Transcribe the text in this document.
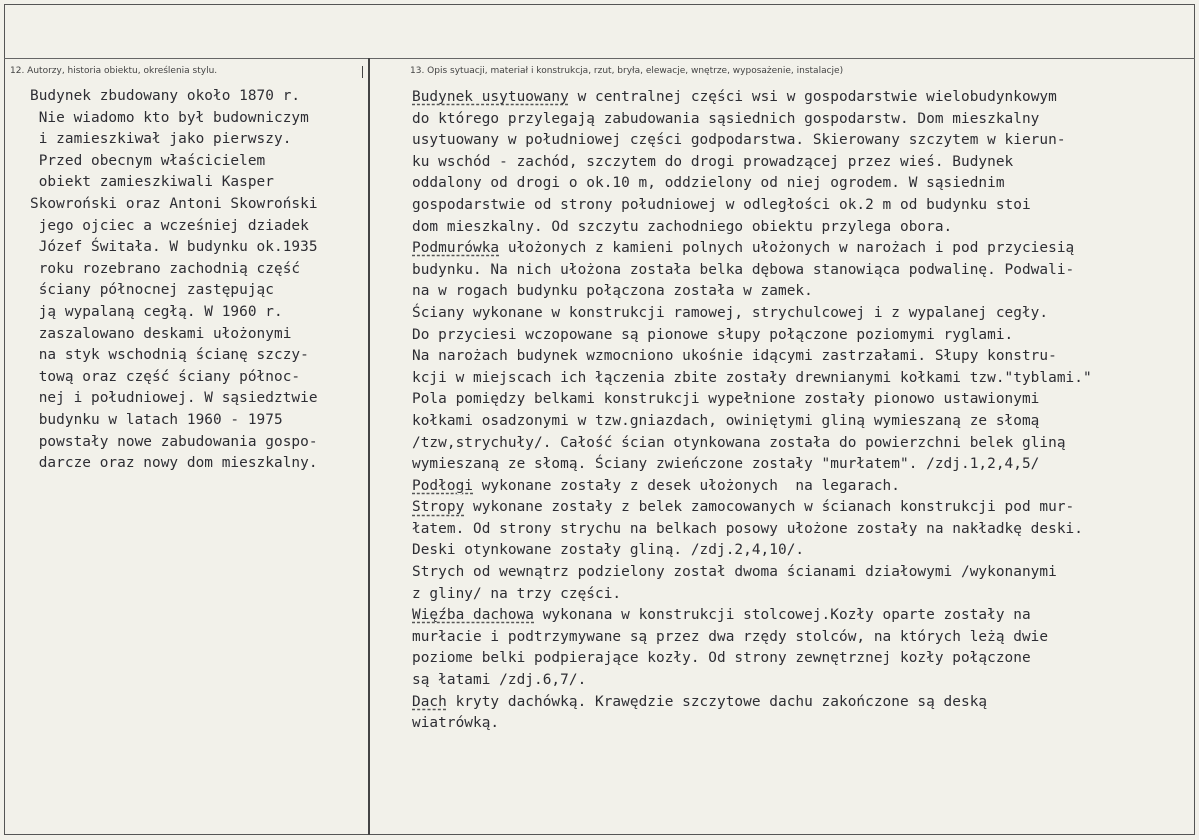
12. Autorzy, historia obiektu, określenia stylu.	13. Opis sytuacji, materiał i konstrukcja, rzut, bryła, elewacje, wnętrze, wyposażenie, instalacje)
Budynek zbudowany około 1870 r.
Nie wiadomo kto był budowniczym
i zamieszkiwał jako pierwszy.
Przed obecnym właścicielem
obiekt zamieszkiwali Kasper
Skowroński oraz Antoni Skowroński
jego ojciec a wcześniej dziadek
Józef Świtała. W budynku ok.1935
roku rozebrano zachodnią część
ściany północnej zastępując
ją wypalaną cegłą. W 1960 r.
zaszalowano deskami ułożonymi
na styk wschodnią ścianę szczy-
tową oraz część ściany północ-
nej i południowej. W sąsiedztwie
budynku w latach 1960 - 1975
powstały nowe zabudowania gospo-
darcze oraz nowy dom mieszkalny.
Budynek usytuowany w centralnej części wsi w gospodarstwie wielobudynkowym
do którego przylegają zabudowania sąsiednich gospodarstw. Dom mieszkalny
usytuowany w południowej części godpodarstwa. Skierowany szczytem w kierun-
ku wschód - zachód, szczytem do drogi prowadzącej przez wieś. Budynek
oddalony od drogi o ok.10 m, oddzielony od niej ogrodem. W sąsiednim
gospodarstwie od strony południowej w odległości ok.2 m od budynku stoi
dom mieszkalny. Od szczytu zachodniego obiektu przylega obora.
Podmurówka ułożonych z kamieni polnych ułożonych w narożach i pod przyciesią
budynku. Na nich ułożona została belka dębowa stanowiąca podwalinę. Podwali-
na w rogach budynku połączona została w zamek.
Ściany wykonane w konstrukcji ramowej, strychulcowej i z wypalanej cegły.
Do przyciesi wczopowane są pionowe słupy połączone poziomymi ryglami.
Na narożach budynek wzmocniono ukośnie idącymi zastrzałami. Słupy konstru-
kcji w miejscach ich łączenia zbite zostały drewnianymi kołkami tzw."tyblami."
Pola pomiędzy belkami konstrukcji wypełnione zostały pionowo ustawionymi
kołkami osadzonymi w tzw.gniazdach, owiniętymi gliną wymieszaną ze słomą
/tzw,strychuły/. Całość ścian otynkowana została do powierzchni belek gliną
wymieszaną ze słomą. Ściany zwieńczone zostały "murłatem". /zdj.1,2,4,5/
Podłogi wykonane zostały z desek ułożonych  na legarach.
Stropy wykonane zostały z belek zamocowanych w ścianach konstrukcji pod mur-
łatem. Od strony strychu na belkach posowy ułożone zostały na nakładkę deski.
Deski otynkowane zostały gliną. /zdj.2,4,10/.
Strych od wewnątrz podzielony został dwoma ścianami działowymi /wykonanymi
z gliny/ na trzy części.
Więźba dachowa wykonana w konstrukcji stolcowej.Kozły oparte zostały na
murłacie i podtrzymywane są przez dwa rzędy stolców, na których leżą dwie
poziome belki podpierające kozły. Od strony zewnętrznej kozły połączone
są łatami /zdj.6,7/.
Dach kryty dachówką. Krawędzie szczytowe dachu zakończone są deską
wiatrówką.
